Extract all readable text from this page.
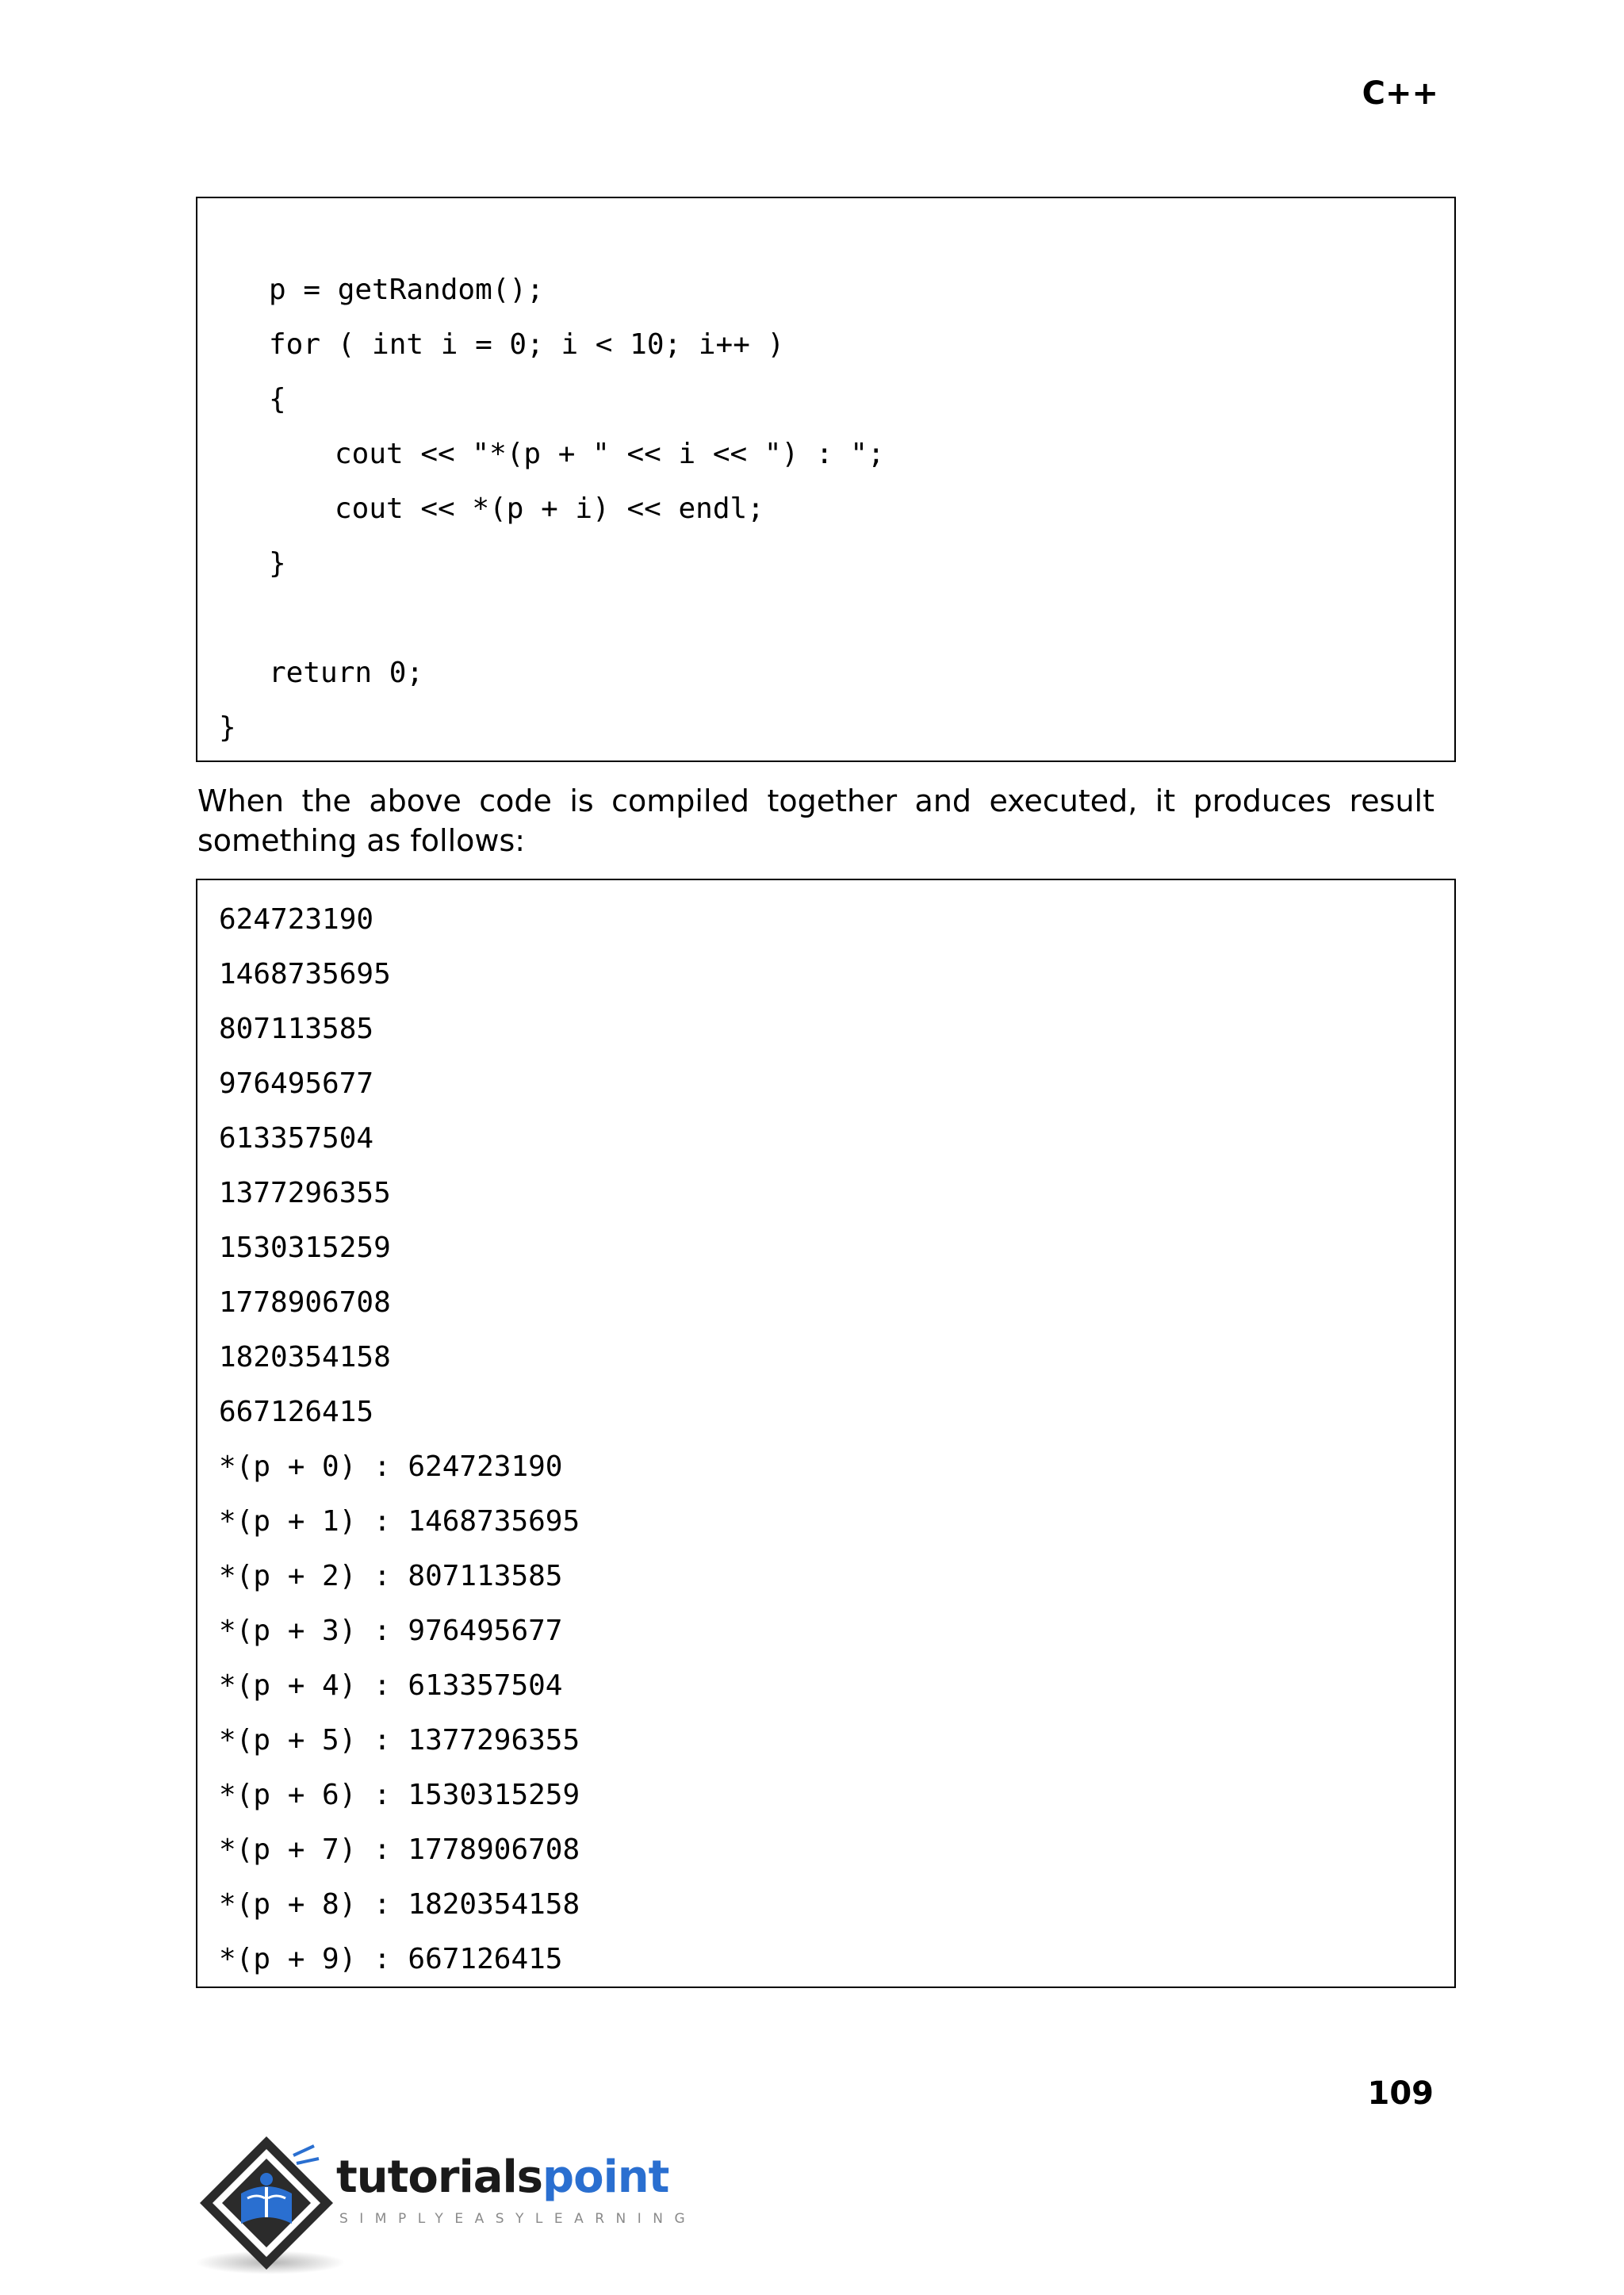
C++
p = getRandom();
for ( int i = 0; i < 10; i++ )
{
cout << "*(p + " << i << ") : ";
cout << *(p + i) << endl;
}
return 0;
}
When the above code is compiled together and executed, it produces result something as follows:
624723190
1468735695
807113585
976495677
613357504
1377296355
1530315259
1778906708
1820354158
667126415
*(p + 0) : 624723190
*(p + 1) : 1468735695
*(p + 2) : 807113585
*(p + 3) : 976495677
*(p + 4) : 613357504
*(p + 5) : 1377296355
*(p + 6) : 1530315259
*(p + 7) : 1778906708
*(p + 8) : 1820354158
*(p + 9) : 667126415
109
tutorialspoint
SIMPLYEASYLEARNING
